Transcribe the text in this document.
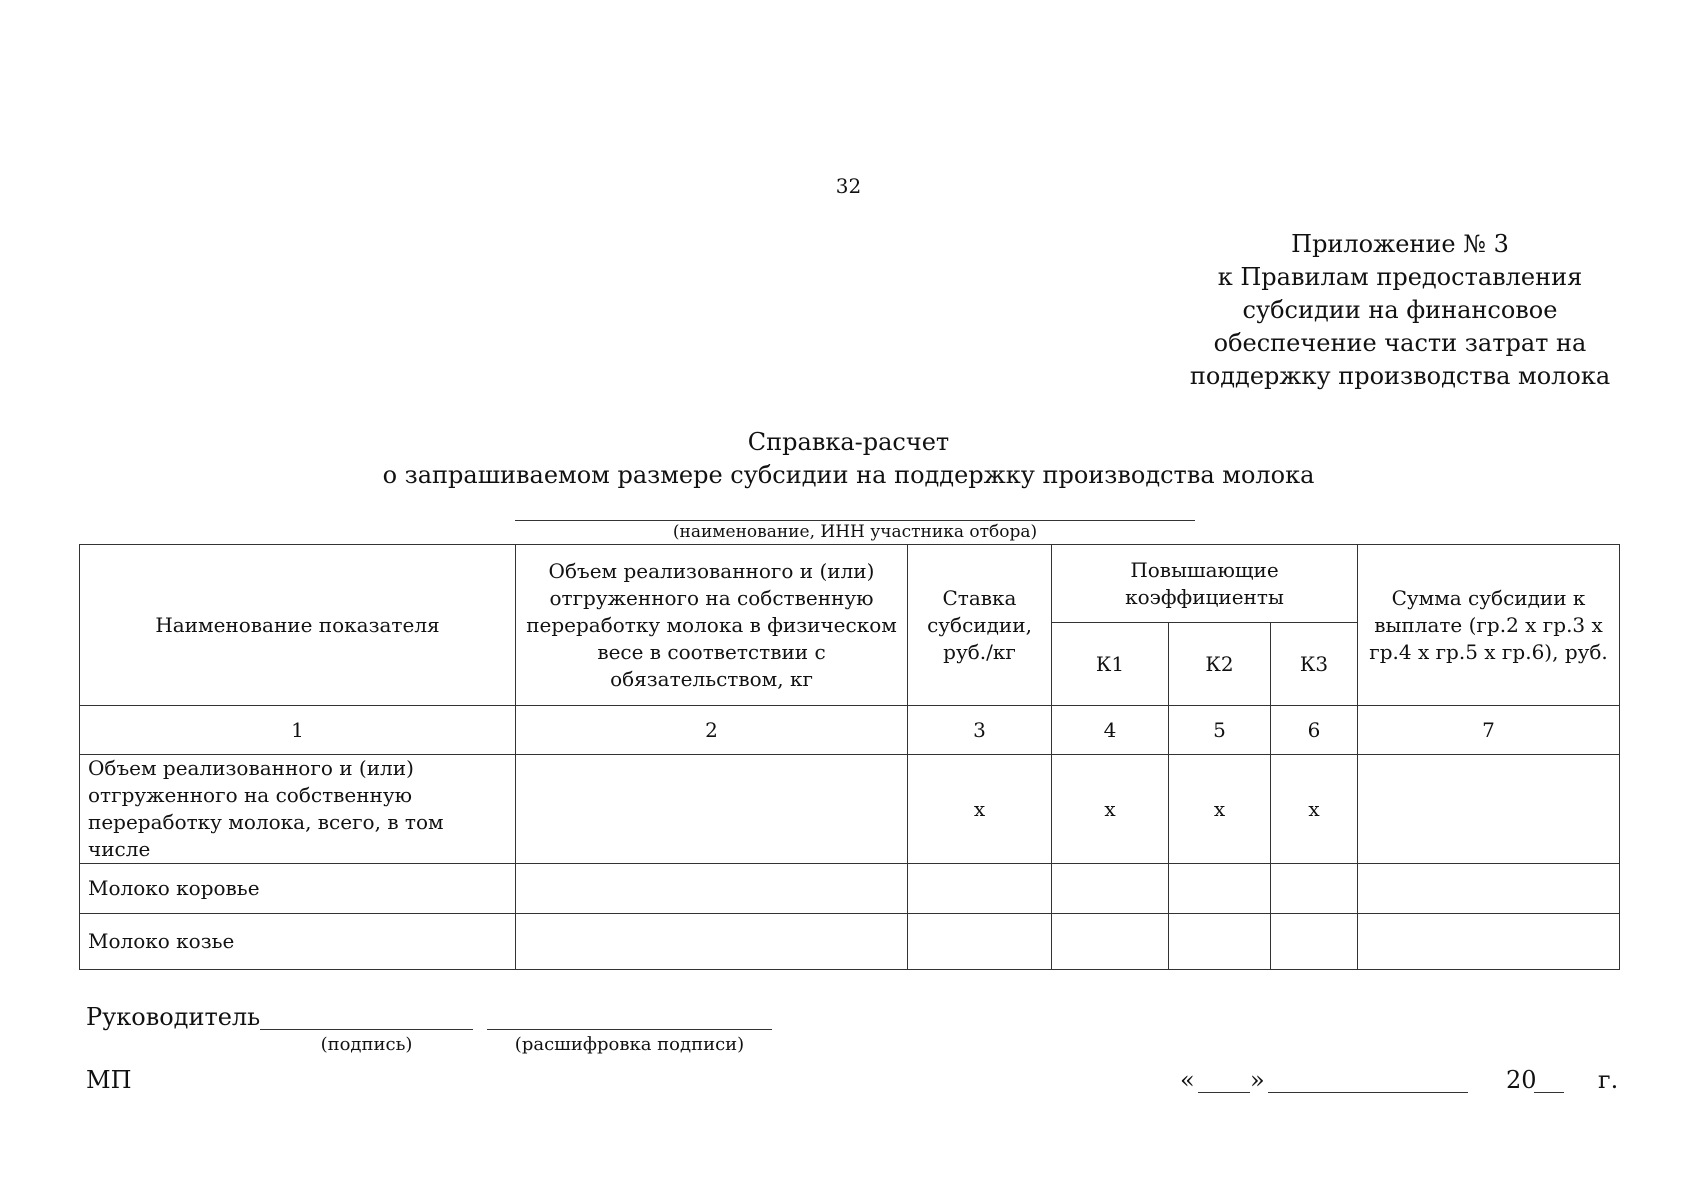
32
Приложение № 3
к Правилам предоставления
субсидии на финансовое
обеспечение части затрат на
поддержку производства молока
Справка-расчет
о запрашиваемом размере субсидии на поддержку производства молока
(наименование, ИНН участника отбора)
Наименование показателя	Объем реализованного и (или) отгруженного на собственную переработку молока в физическом весе в соответствии с обязательством, кг	Ставка субсидии, руб./кг	Повышающие коэффициенты			Сумма субсидии к выплате (гр.2 х гр.3 х гр.4 х гр.5 х гр.6), руб.
			К1	К2	К3	
1	2	3	4	5	6	7
Объем реализованного и (или) отгруженного на собственную переработку молока, всего, в том числе		х	х	х	х	
Молоко коровье						
Молоко козье						
Руководитель
(подпись)	(расшифровка подписи)
МП	« »	20	г.
